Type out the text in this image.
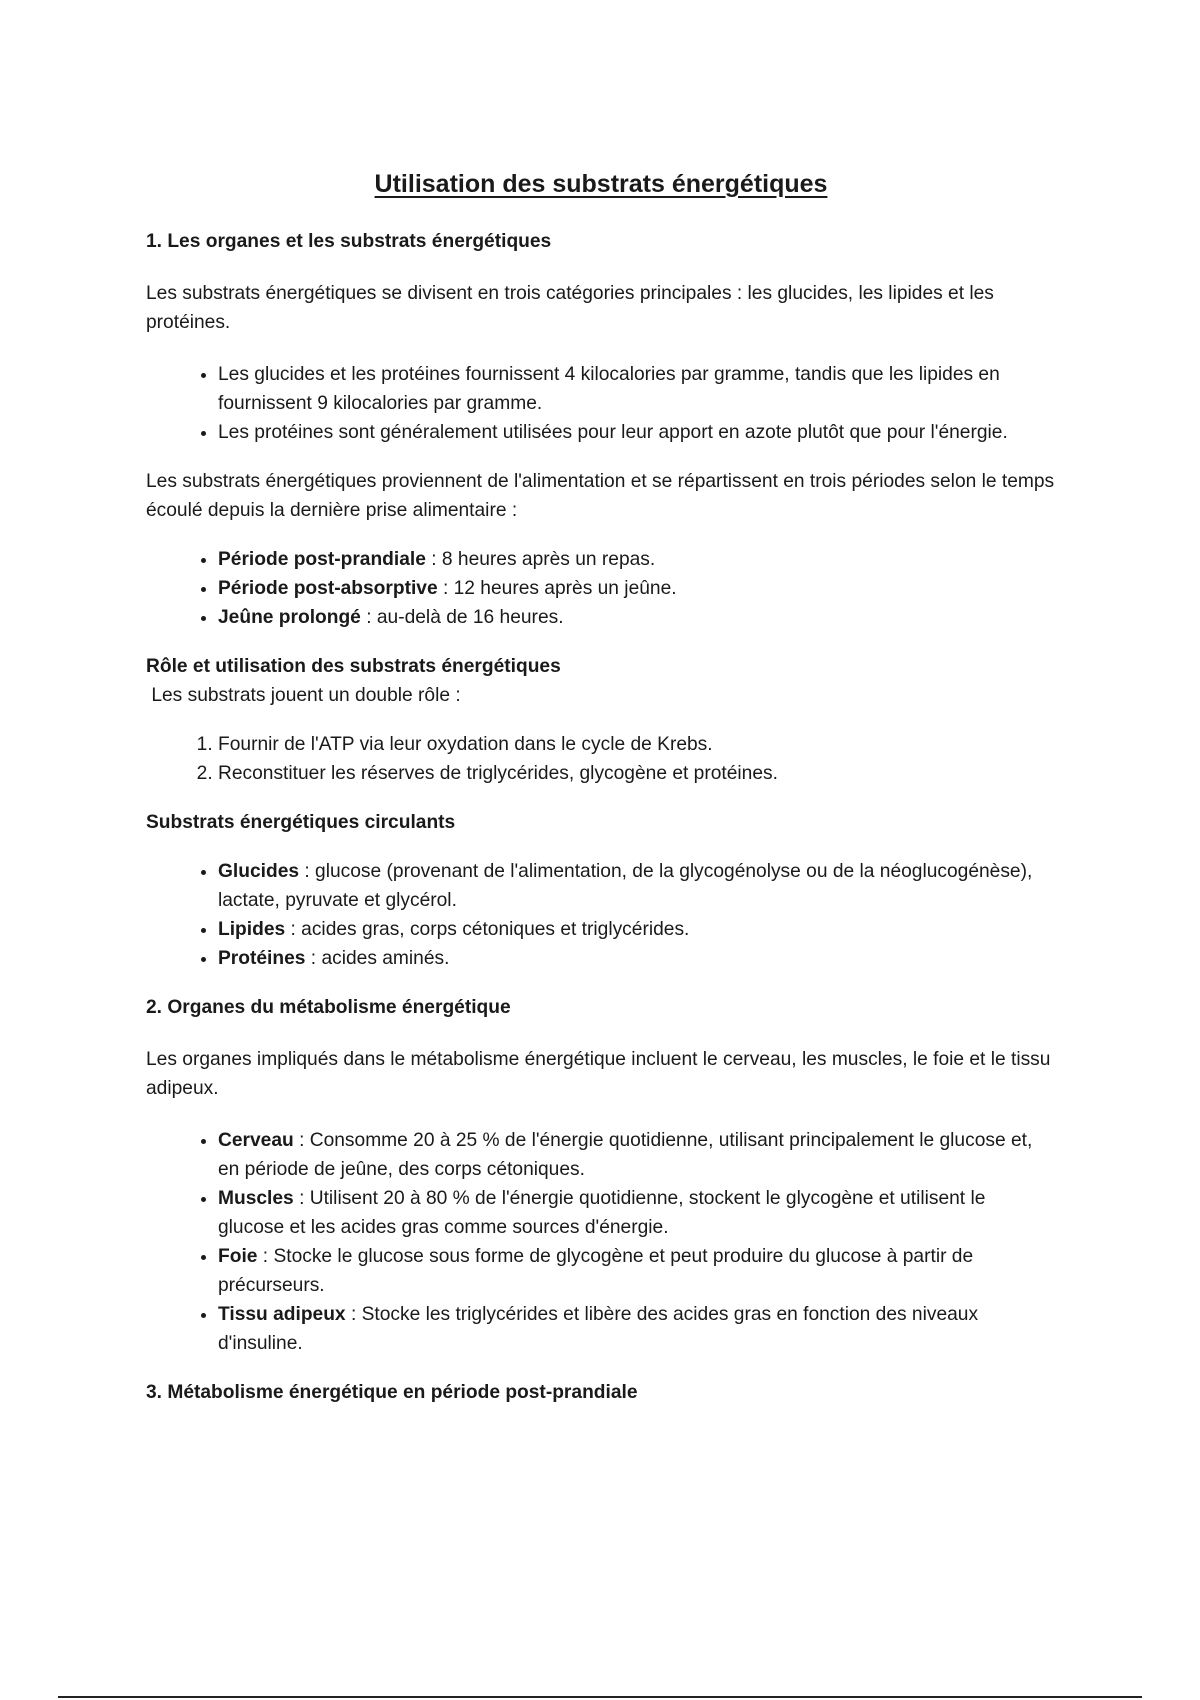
Utilisation des substrats énergétiques
1. Les organes et les substrats énergétiques

Les substrats énergétiques se divisent en trois catégories principales : les glucides, les lipides et les protéines.

• Les glucides et les protéines fournissent 4 kilocalories par gramme, tandis que les lipides en fournissent 9 kilocalories par gramme.
• Les protéines sont généralement utilisées pour leur apport en azote plutôt que pour l'énergie.

Les substrats énergétiques proviennent de l'alimentation et se répartissent en trois périodes selon le temps écoulé depuis la dernière prise alimentaire :

• Période post-prandiale : 8 heures après un repas.
• Période post-absorptive : 12 heures après un jeûne.
• Jeûne prolongé : au-delà de 16 heures.
Rôle et utilisation des substrats énergétiques

Les substrats jouent un double rôle :

1. Fournir de l'ATP via leur oxydation dans le cycle de Krebs.
2. Reconstituer les réserves de triglycérides, glycogène et protéines.
Substrats énergétiques circulants
• Glucides : glucose (provenant de l'alimentation, de la glycogénolyse ou de la néoglucogénèse), lactate, pyruvate et glycérol.
• Lipides : acides gras, corps cétoniques et triglycérides.
• Protéines : acides aminés.
2. Organes du métabolisme énergétique

Les organes impliqués dans le métabolisme énergétique incluent le cerveau, les muscles, le foie et le tissu adipeux.

• Cerveau : Consomme 20 à 25 % de l'énergie quotidienne, utilisant principalement le glucose et, en période de jeûne, des corps cétoniques.
• Muscles : Utilisent 20 à 80 % de l'énergie quotidienne, stockent le glycogène et utilisent le glucose et les acides gras comme sources d'énergie.
• Foie : Stocke le glucose sous forme de glycogène et peut produire du glucose à partir de précurseurs.
• Tissu adipeux : Stocke les triglycérides et libère des acides gras en fonction des niveaux d'insuline.
3. Métabolisme énergétique en période post-prandiale
